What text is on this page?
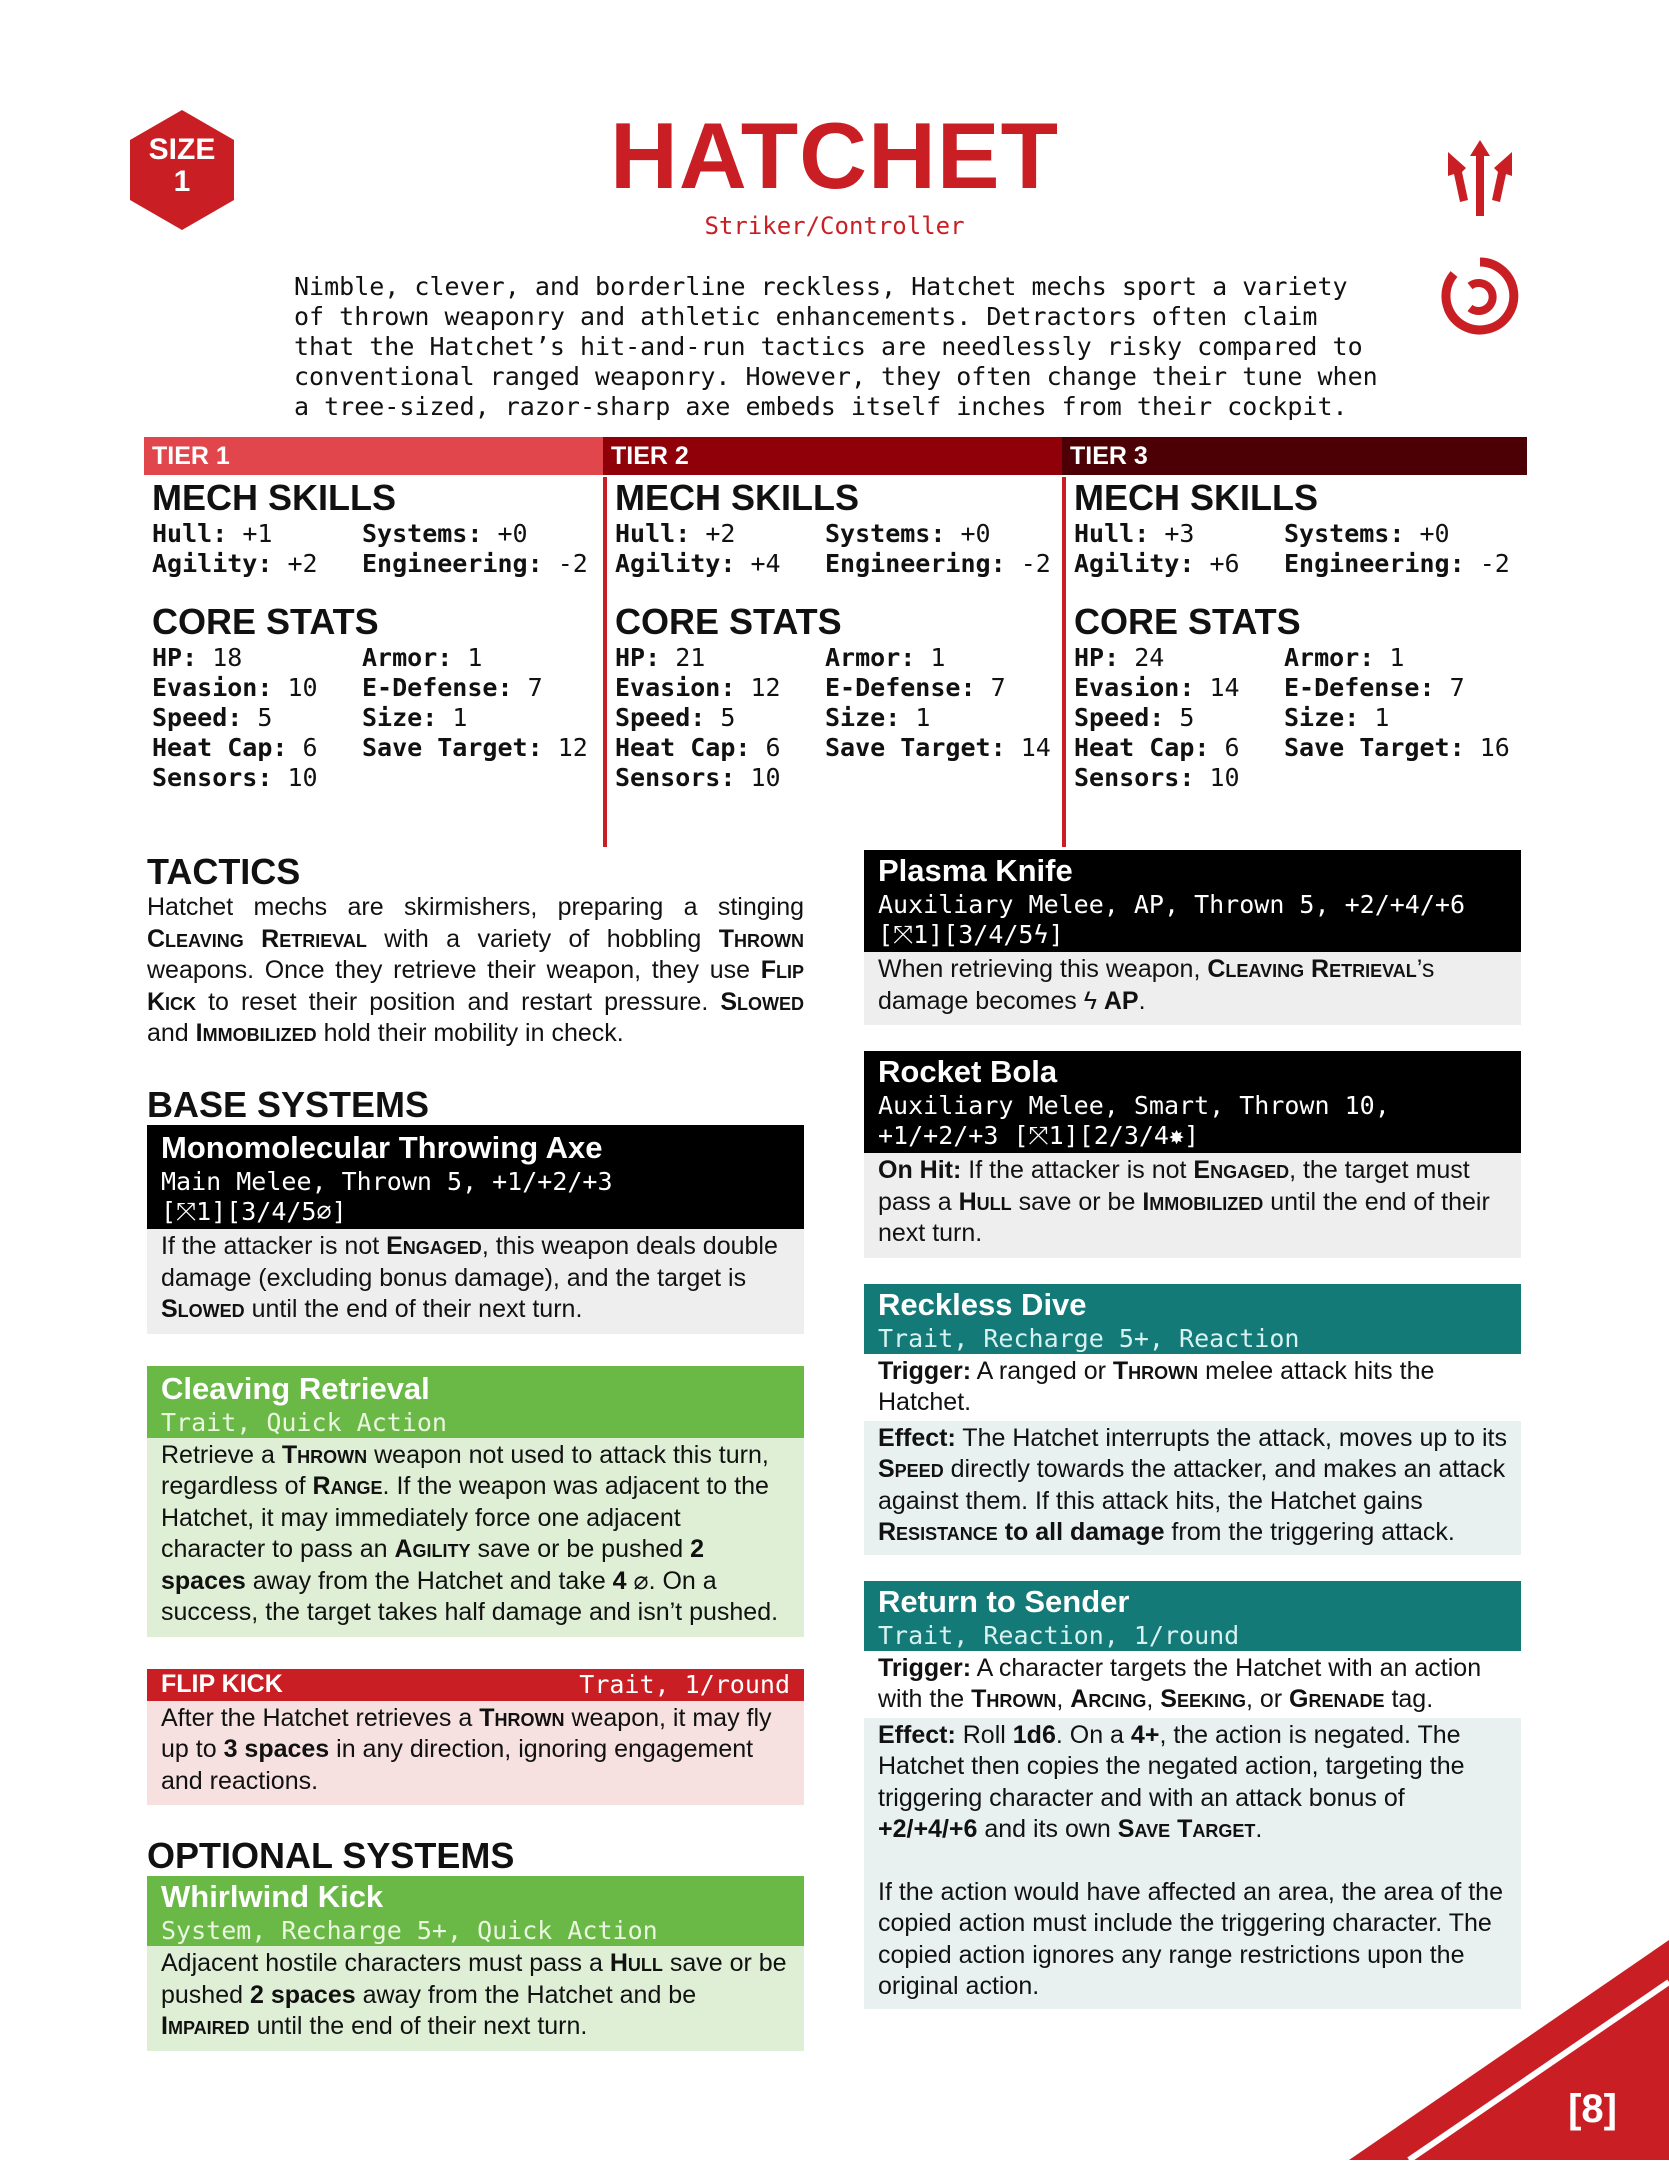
SIZE
1	HATCHET
Striker/Controller
Nimble, clever, and borderline reckless, Hatchet mechs sport a variety
of thrown weaponry and athletic enhancements. Detractors often claim
that the Hatchet’s hit-and-run tactics are needlessly risky compared to
conventional ranged weaponry. However, they often change their tune when
a tree-sized, razor-sharp axe embeds itself inches from their cockpit.
TIER 1
MECH SKILLS
Hull: +1	Systems: +0
Agility: +2	Engineering: -2
CORE STATS
HP: 18	Armor: 1
Evasion: 10	E-Defense: 7
Speed: 5	Size: 1
Heat Cap: 6	Save Target: 12
Sensors: 10
TIER 2
MECH SKILLS
Hull: +2	Systems: +0
Agility: +4	Engineering: -2
CORE STATS
HP: 21	Armor: 1
Evasion: 12	E-Defense: 7
Speed: 5	Size: 1
Heat Cap: 6	Save Target: 14
Sensors: 10
TIER 3
MECH SKILLS
Hull: +3	Systems: +0
Agility: +6	Engineering: -2
CORE STATS
HP: 24	Armor: 1
Evasion: 14	E-Defense: 7
Speed: 5	Size: 1
Heat Cap: 6	Save Target: 16
Sensors: 10
TACTICS
Hatchet mechs are skirmishers, preparing a stinging Cleaving Retrieval with a variety of hobbling Thrown weapons. Once they retrieve their weapon, they use Flip Kick to reset their position and restart pressure. Slowed and Immobilized hold their mobility in check.
BASE SYSTEMS
Monomolecular Throwing Axe
Main Melee, Thrown 5, +1/+2/+3
[⤧1][3/4/5⌀]
If the attacker is not Engaged, this weapon deals double damage (excluding bonus damage), and the target is Slowed until the end of their next turn.
Cleaving Retrieval
Trait, Quick Action
Retrieve a Thrown weapon not used to attack this turn, regardless of Range. If the weapon was adjacent to the Hatchet, it may immediately force one adjacent character to pass an Agility save or be pushed 2 spaces away from the Hatchet and take 4 ⌀. On a success, the target takes half damage and isn’t pushed.
FLIP KICK	Trait, 1/round
After the Hatchet retrieves a Thrown weapon, it may fly up to 3 spaces in any direction, ignoring engagement and reactions.
OPTIONAL SYSTEMS
Whirlwind Kick
System, Recharge 5+, Quick Action
Adjacent hostile characters must pass a Hull save or be pushed 2 spaces away from the Hatchet and be Impaired until the end of their next turn.
Plasma Knife
Auxiliary Melee, AP, Thrown 5, +2/+4/+6
[⤧1][3/4/5ϟ]
When retrieving this weapon, Cleaving Retrieval’s damage becomes ϟ AP.
Rocket Bola
Auxiliary Melee, Smart, Thrown 10,
+1/+2/+3 [⤧1][2/3/4✸]
On Hit: If the attacker is not Engaged, the target must pass a Hull save or be Immobilized until the end of their next turn.
Reckless Dive
Trait, Recharge 5+, Reaction
Trigger: A ranged or Thrown melee attack hits the Hatchet.
Effect: The Hatchet interrupts the attack, moves up to its Speed directly towards the attacker, and makes an attack against them. If this attack hits, the Hatchet gains Resistance to all damage from the triggering attack.
Return to Sender
Trait, Reaction, 1/round
Trigger: A character targets the Hatchet with an action with the Thrown, Arcing, Seeking, or Grenade tag.
Effect: Roll 1d6. On a 4+, the action is negated. The Hatchet then copies the negated action, targeting the triggering character and with an attack bonus of +2/+4/+6 and its own Save Target.
If the action would have affected an area, the area of the copied action must include the triggering character. The copied action ignores any range restrictions upon the original action.
[8]
